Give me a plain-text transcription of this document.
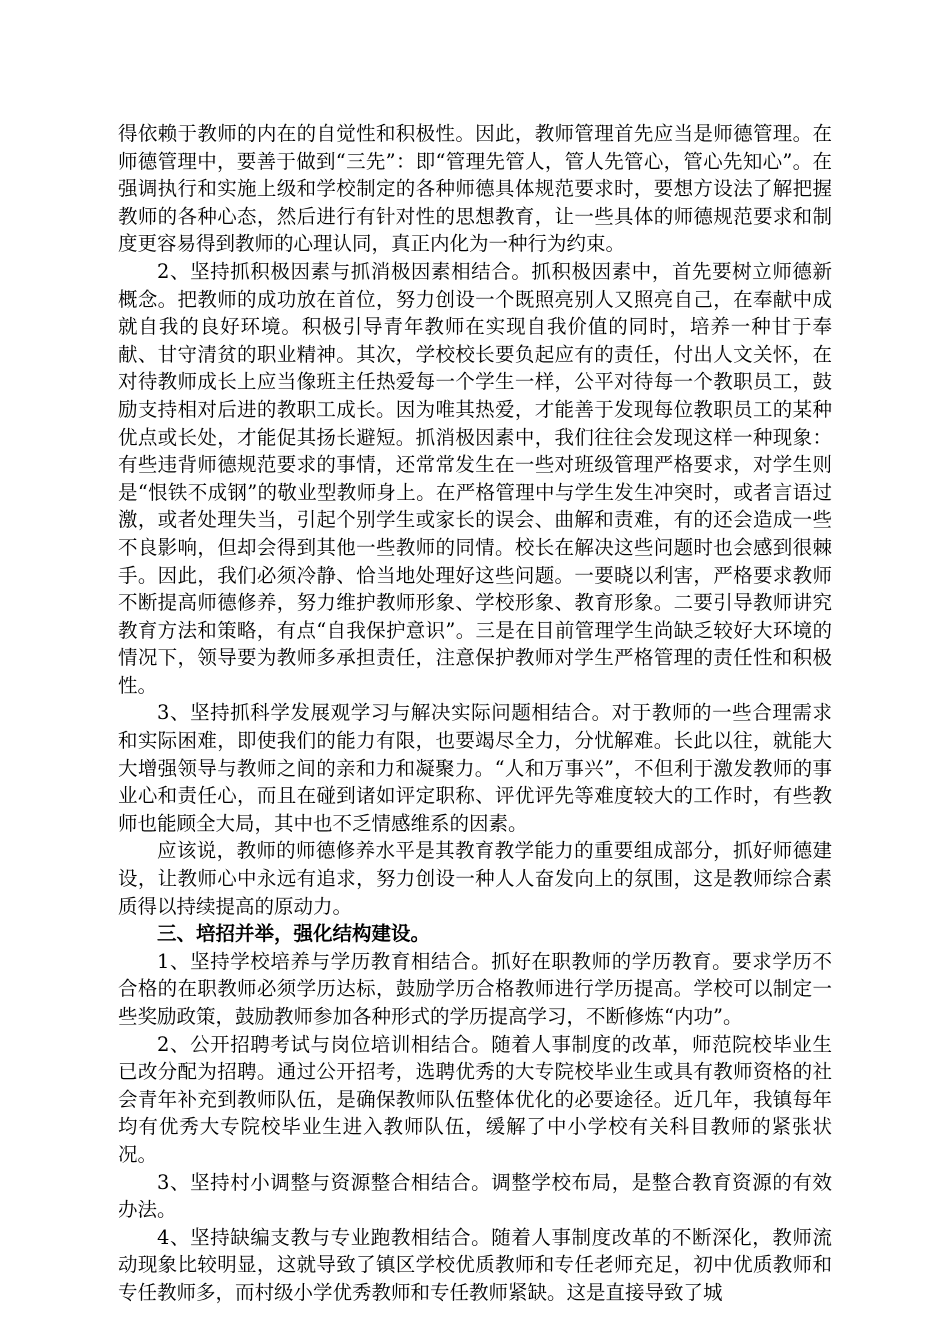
得依赖于教师的内在的自觉性和积极性。因此，教师管理首先应当是师德管理。在师德管理中，要善于做到“三先”：即“管理先管人，管人先管心，管心先知心”。在强调执行和实施上级和学校制定的各种师德具体规范要求时，要想方设法了解把握教师的各种心态，然后进行有针对性的思想教育，让一些具体的师德规范要求和制度更容易得到教师的心理认同，真正内化为一种行为约束。

2、坚持抓积极因素与抓消极因素相结合。抓积极因素中，首先要树立师德新概念。把教师的成功放在首位，努力创设一个既照亮别人又照亮自己，在奉献中成就自我的良好环境。积极引导青年教师在实现自我价值的同时，培养一种甘于奉献、甘守清贫的职业精神。其次，学校校长要负起应有的责任，付出人文关怀，在对待教师成长上应当像班主任热爱每一个学生一样，公平对待每一个教职员工，鼓励支持相对后进的教职工成长。因为唯其热爱，才能善于发现每位教职员工的某种优点或长处，才能促其扬长避短。抓消极因素中，我们往往会发现这样一种现象：有些违背师德规范要求的事情，还常常发生在一些对班级管理严格要求，对学生则是“恨铁不成钢”的敬业型教师身上。在严格管理中与学生发生冲突时，或者言语过激，或者处理失当，引起个别学生或家长的误会、曲解和责难，有的还会造成一些不良影响，但却会得到其他一些教师的同情。校长在解决这些问题时也会感到很棘手。因此，我们必须冷静、恰当地处理好这些问题。一要晓以利害，严格要求教师不断提高师德修养，努力维护教师形象、学校形象、教育形象。二要引导教师讲究教育方法和策略，有点“自我保护意识”。三是在目前管理学生尚缺乏较好大环境的情况下，领导要为教师多承担责任，注意保护教师对学生严格管理的责任性和积极性。

3、坚持抓科学发展观学习与解决实际问题相结合。对于教师的一些合理需求和实际困难，即使我们的能力有限，也要竭尽全力，分忧解难。长此以往，就能大大增强领导与教师之间的亲和力和凝聚力。“人和万事兴”，不但利于激发教师的事业心和责任心，而且在碰到诸如评定职称、评优评先等难度较大的工作时，有些教师也能顾全大局，其中也不乏情感维系的因素。

应该说，教师的师德修养水平是其教育教学能力的重要组成部分，抓好师德建设，让教师心中永远有追求，努力创设一种人人奋发向上的氛围，这是教师综合素质得以持续提高的原动力。

三、培招并举，强化结构建设。

1、坚持学校培养与学历教育相结合。抓好在职教师的学历教育。要求学历不合格的在职教师必须学历达标，鼓励学历合格教师进行学历提高。学校可以制定一些奖励政策，鼓励教师参加各种形式的学历提高学习，不断修炼“内功”。

2、公开招聘考试与岗位培训相结合。随着人事制度的改革，师范院校毕业生已改分配为招聘。通过公开招考，选聘优秀的大专院校毕业生或具有教师资格的社会青年补充到教师队伍，是确保教师队伍整体优化的必要途径。近几年，我镇每年均有优秀大专院校毕业生进入教师队伍，缓解了中小学校有关科目教师的紧张状况。

3、坚持村小调整与资源整合相结合。调整学校布局，是整合教育资源的有效办法。

4、坚持缺编支教与专业跑教相结合。随着人事制度改革的不断深化，教师流动现象比较明显，这就导致了镇区学校优质教师和专任老师充足，初中优质教师和专任教师多，而村级小学优秀教师和专任教师紧缺。这是直接导致了城
